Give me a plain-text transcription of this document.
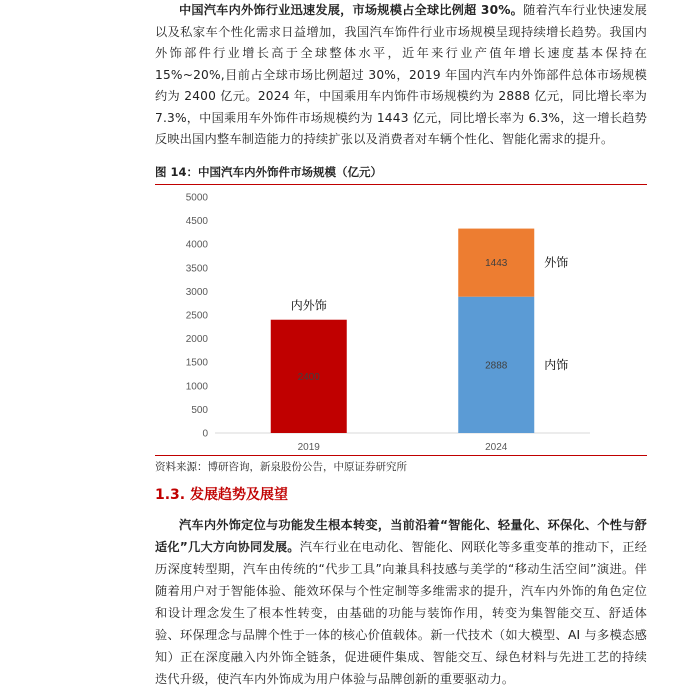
中国汽车内外饰行业迅速发展，市场规模占全球比例超 30%。随着汽车行业快速发展以及私家车个性化需求日益增加，我国汽车饰件行业市场规模呈现持续增长趋势。我国内外饰部件行业增长高于全球整体水平，近年来行业产值年增长速度基本保持在 15%~20%,目前占全球市场比例超过 30%，2019 年国内汽车内外饰部件总体市场规模约为 2400 亿元。2024 年，中国乘用车内饰件市场规模约为 2888 亿元，同比增长率为 7.3%，中国乘用车外饰件市场规模约为 1443 亿元，同比增长率为 6.3%，这一增长趋势反映出国内整车制造能力的持续扩张以及消费者对车辆个性化、智能化需求的提升。

图 14：中国汽车内外饰件市场规模（亿元）
0
500
1000
1500
2000
2500
3000
3500
4000
4500
5000
2400
2888
1443
2019	2024
内外饰
外饰
内饰
资料来源：博研咨询，新泉股份公告，中原证券研究所
1.3. 发展趋势及展望

汽车内外饰定位与功能发生根本转变，当前沿着“智能化、轻量化、环保化、个性与舒适化”几大方向协同发展。汽车行业在电动化、智能化、网联化等多重变革的推动下，正经历深度转型期，汽车由传统的“代步工具”向兼具科技感与美学的“移动生活空间”演进。伴随着用户对于智能体验、能效环保与个性定制等多维需求的提升，汽车内外饰的角色定位和设计理念发生了根本性转变，由基础的功能与装饰作用，转变为集智能交互、舒适体验、环保理念与品牌个性于一体的核心价值载体。新一代技术（如大模型、AI 与多模态感知）正在深度融入内外饰全链条，促进硬件集成、智能交互、绿色材料与先进工艺的持续迭代升级，使汽车内外饰成为用户体验与品牌创新的重要驱动力。
